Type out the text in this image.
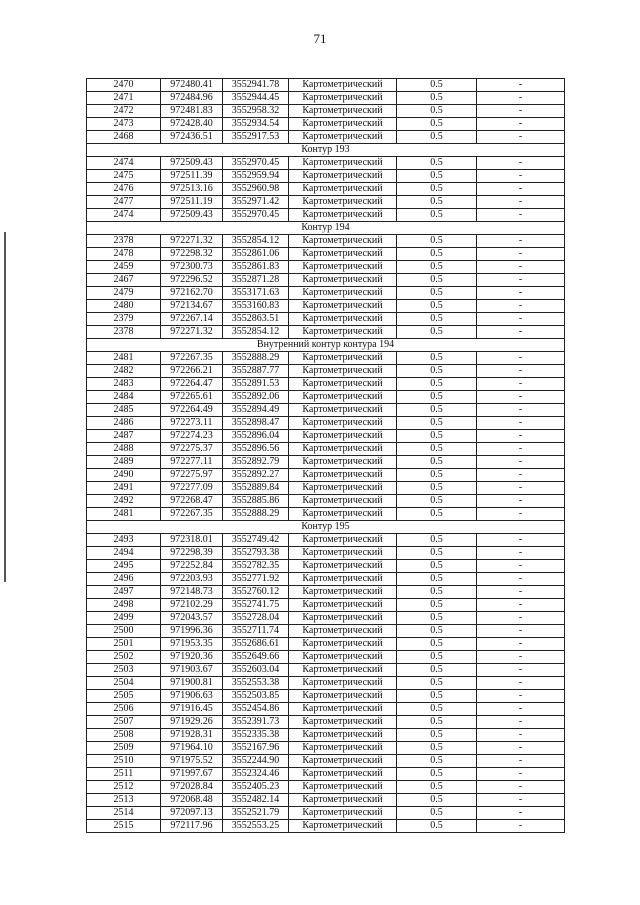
71
2470	972480.41	3552941.78	Картометрический	0.5	-
2471	972484.96	3552944.45	Картометрический	0.5	-
2472	972481.83	3552958.32	Картометрический	0.5	-
2473	972428.40	3552934.54	Картометрический	0.5	-
2468	972436.51	3552917.53	Картометрический	0.5	-
Контур 193					
2474	972509.43	3552970.45	Картометрический	0.5	-
2475	972511.39	3552959.94	Картометрический	0.5	-
2476	972513.16	3552960.98	Картометрический	0.5	-
2477	972511.19	3552971.42	Картометрический	0.5	-
2474	972509.43	3552970.45	Картометрический	0.5	-
Контур 194					
2378	972271.32	3552854.12	Картометрический	0.5	-
2478	972298.32	3552861.06	Картометрический	0.5	-
2459	972300.73	3552861.83	Картометрический	0.5	-
2467	972296.52	3552871.28	Картометрический	0.5	-
2479	972162.70	3553171.63	Картометрический	0.5	-
2480	972134.67	3553160.83	Картометрический	0.5	-
2379	972267.14	3552863.51	Картометрический	0.5	-
2378	972271.32	3552854.12	Картометрический	0.5	-
Внутренний контур контура 194					
2481	972267.35	3552888.29	Картометрический	0.5	-
2482	972266.21	3552887.77	Картометрический	0.5	-
2483	972264.47	3552891.53	Картометрический	0.5	-
2484	972265.61	3552892.06	Картометрический	0.5	-
2485	972264.49	3552894.49	Картометрический	0.5	-
2486	972273.11	3552898.47	Картометрический	0.5	-
2487	972274.23	3552896.04	Картометрический	0.5	-
2488	972275.37	3552896.56	Картометрический	0.5	-
2489	972277.11	3552892.79	Картометрический	0.5	-
2490	972275.97	3552892.27	Картометрический	0.5	-
2491	972277.09	3552889.84	Картометрический	0.5	-
2492	972268.47	3552885.86	Картометрический	0.5	-
2481	972267.35	3552888.29	Картометрический	0.5	-
Контур 195					
2493	972318.01	3552749.42	Картометрический	0.5	-
2494	972298.39	3552793.38	Картометрический	0.5	-
2495	972252.84	3552782.35	Картометрический	0.5	-
2496	972203.93	3552771.92	Картометрический	0.5	-
2497	972148.73	3552760.12	Картометрический	0.5	-
2498	972102.29	3552741.75	Картометрический	0.5	-
2499	972043.57	3552728.04	Картометрический	0.5	-
2500	971996.36	3552711.74	Картометрический	0.5	-
2501	971953.35	3552686.61	Картометрический	0.5	-
2502	971920.36	3552649.66	Картометрический	0.5	-
2503	971903.67	3552603.04	Картометрический	0.5	-
2504	971900.81	3552553.38	Картометрический	0.5	-
2505	971906.63	3552503.85	Картометрический	0.5	-
2506	971916.45	3552454.86	Картометрический	0.5	-
2507	971929.26	3552391.73	Картометрический	0.5	-
2508	971928.31	3552335.38	Картометрический	0.5	-
2509	971964.10	3552167.96	Картометрический	0.5	-
2510	971975.52	3552244.90	Картометрический	0.5	-
2511	971997.67	3552324.46	Картометрический	0.5	-
2512	972028.84	3552405.23	Картометрический	0.5	-
2513	972068.48	3552482.14	Картометрический	0.5	-
2514	972097.13	3552521.79	Картометрический	0.5	-
2515	972117.96	3552553.25	Картометрический	0.5	-
